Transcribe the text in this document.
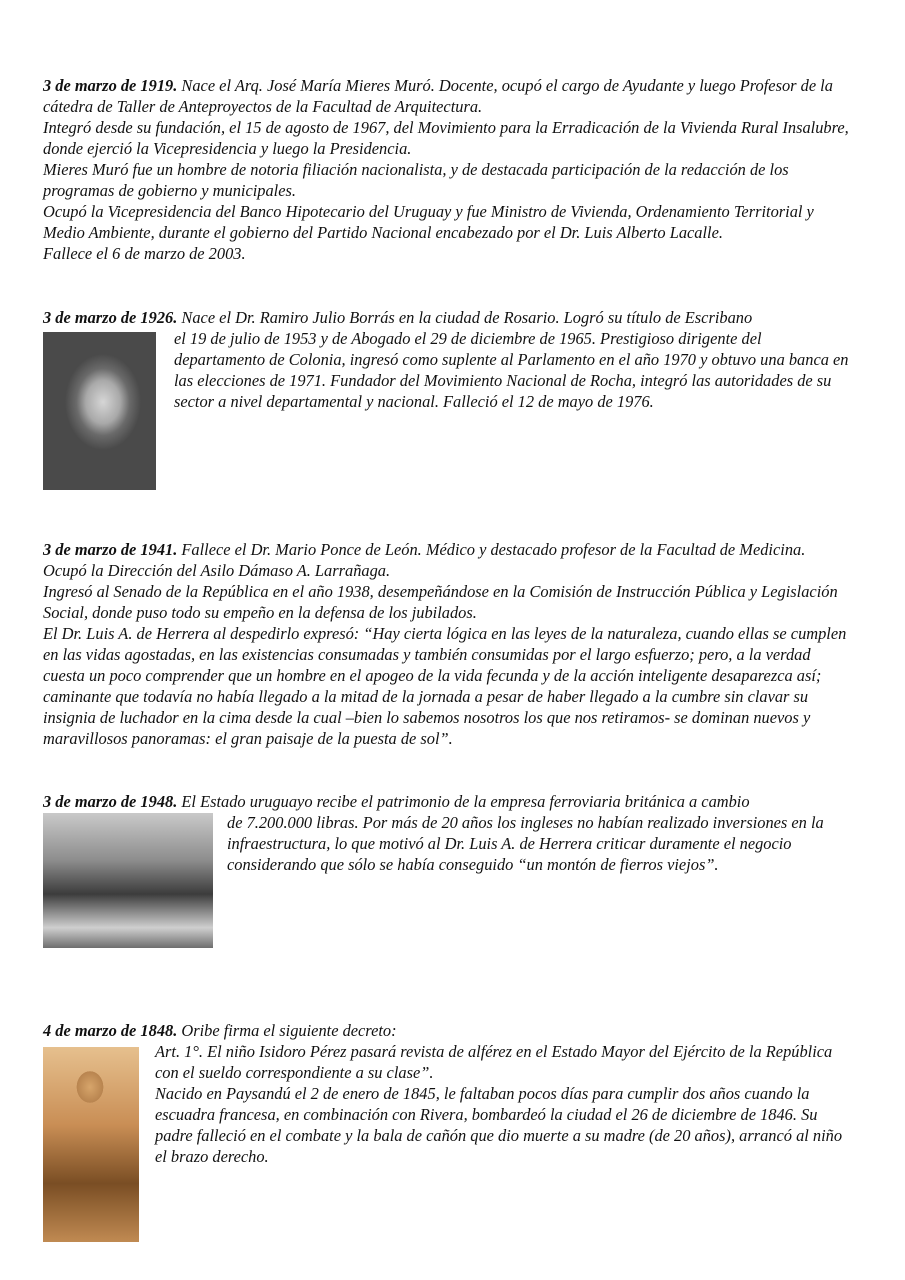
3 de marzo de 1919. Nace el Arq. José María Mieres Muró. Docente, ocupó el cargo de Ayudante y luego Profesor de la cátedra de Taller de Anteproyectos de la Facultad de Arquitectura.

Integró desde su fundación, el 15 de agosto de 1967, del Movimiento para la Erradicación de la Vivienda Rural Insalubre, donde ejerció la Vicepresidencia y luego la Presidencia.

Mieres Muró fue un hombre de notoria filiación nacionalista, y de destacada participación de la redacción de los programas de gobierno y municipales.

Ocupó la Vicepresidencia del Banco Hipotecario del Uruguay y fue Ministro de Vivienda, Ordenamiento Territorial y Medio Ambiente, durante el gobierno del Partido Nacional encabezado por el Dr. Luis Alberto Lacalle.

Fallece el 6 de marzo de 2003.

3 de marzo de 1926. Nace el Dr. Ramiro Julio Borrás en la ciudad de Rosario. Logró su título de Escribano

el 19 de julio de 1953 y de Abogado el 29 de diciembre de 1965. Prestigioso dirigente del departamento de Colonia, ingresó como suplente al Parlamento en el año 1970 y obtuvo una banca en las elecciones de 1971. Fundador del Movimiento Nacional de Rocha, integró las autoridades de su sector a nivel departamental y nacional. Falleció el 12 de mayo de 1976.

3 de marzo de 1941. Fallece el Dr. Mario Ponce de León. Médico y destacado profesor de la Facultad de Medicina. Ocupó la Dirección del Asilo Dámaso A. Larrañaga.

Ingresó al Senado de la República en el año 1938, desempeñándose en la Comisión de Instrucción Pública y Legislación Social, donde puso todo su empeño en la defensa de los jubilados.

El Dr. Luis A. de Herrera al despedirlo expresó: “Hay cierta lógica en las leyes de la naturaleza, cuando ellas se cumplen en las vidas agostadas, en las existencias consumadas y también consumidas por el largo esfuerzo; pero, a la verdad cuesta un poco comprender que un hombre en el apogeo de la vida fecunda y de la acción inteligente desaparezca así; caminante que todavía no había llegado a la mitad de la jornada a pesar de haber llegado a la cumbre sin clavar su insignia de luchador en la cima desde la cual –bien lo sabemos nosotros los que nos retiramos- se dominan nuevos y maravillosos panoramas: el gran paisaje de la puesta de sol”.

3 de marzo de 1948. El Estado uruguayo recibe el patrimonio de la empresa ferroviaria británica a cambio

de 7.200.000 libras. Por más de 20 años los ingleses no habían realizado inversiones en la infraestructura, lo que motivó al Dr. Luis A. de Herrera criticar duramente el negocio considerando que sólo se había conseguido “un montón de fierros viejos”.

4 de marzo de 1848. Oribe firma el siguiente decreto:

Art. 1°. El niño Isidoro Pérez pasará revista de alférez en el Estado Mayor del Ejército de la República con el sueldo correspondiente a su clase”.

Nacido en Paysandú el 2 de enero de 1845, le faltaban pocos días para cumplir dos años cuando la escuadra francesa, en combinación con Rivera, bombardeó la ciudad el 26 de diciembre de 1846. Su padre falleció en el combate y la bala de cañón que dio muerte a su madre (de 20 años), arrancó al niño el brazo derecho.
